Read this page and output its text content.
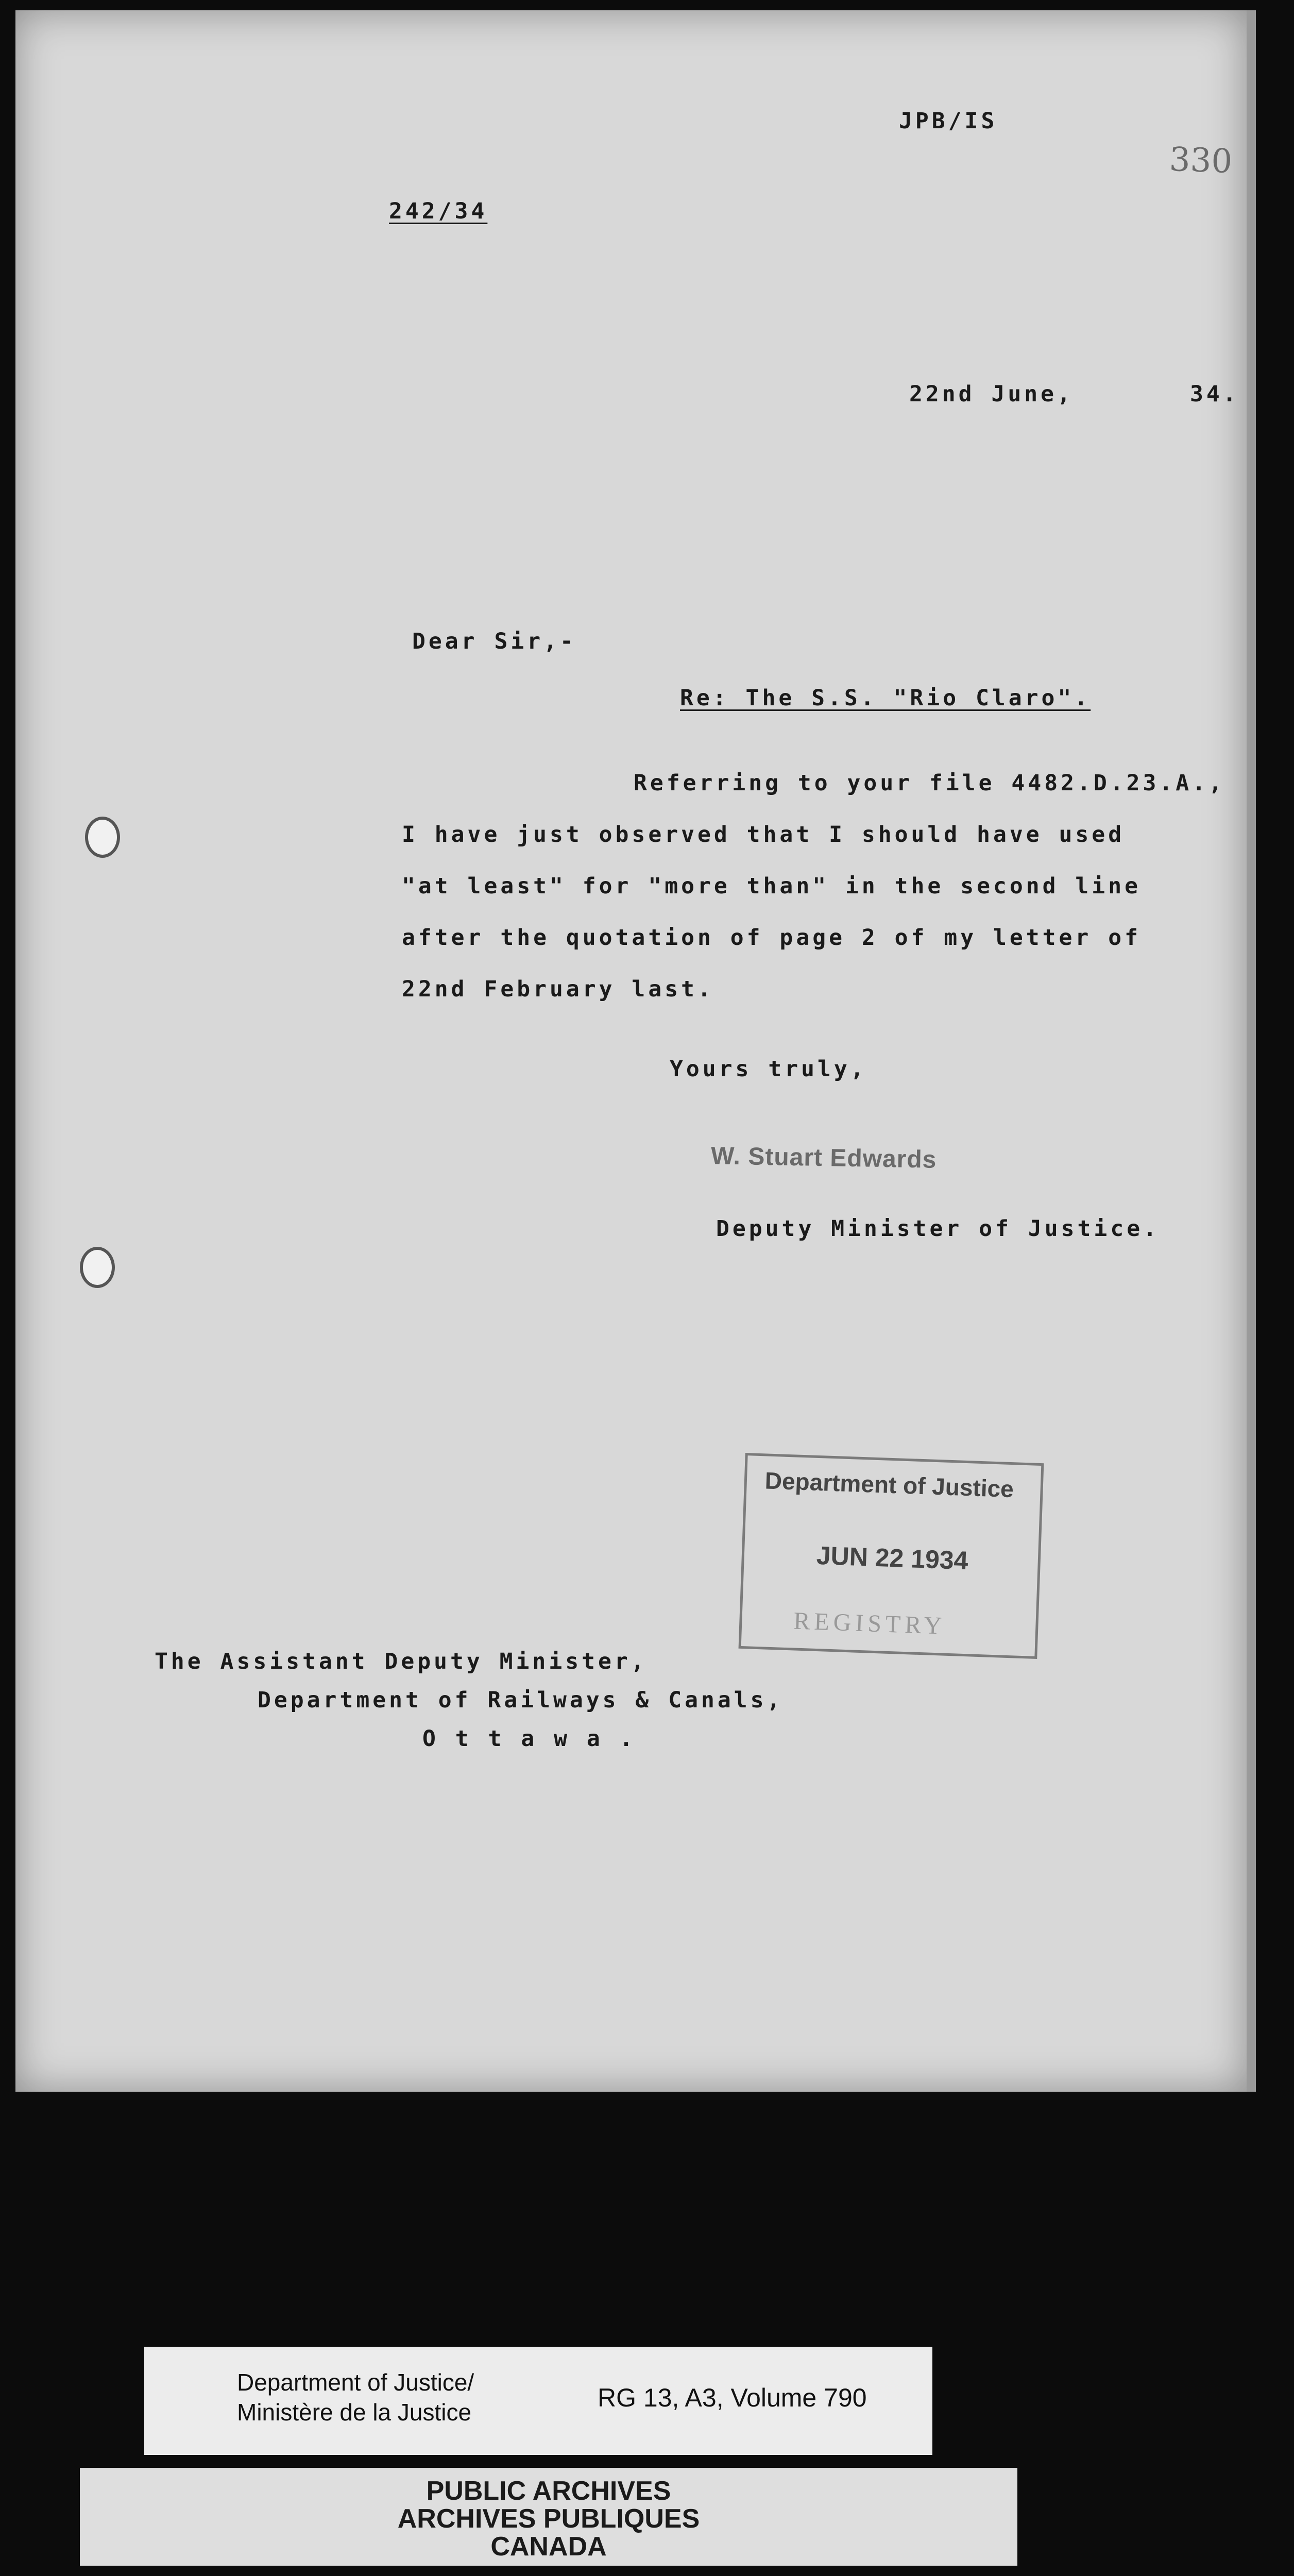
JPB/IS

330

242/34

22nd June,	34.

Dear Sir,-

Re: The S.S. "Rio Claro".

Referring to your file 4482.D.23.A.,

I have just observed that I should have used

"at least" for "more than" in the second line

after the quotation of page 2 of my letter of

22nd February last.

Yours truly,

W. Stuart Edwards

Deputy Minister of Justice.

The Assistant Deputy Minister,

Department of Railways & Canals,

O t t a w a .

Department of Justice
JUN 22 1934
REGISTRY
Department of Justice/
Ministère de la Justice	RG 13, A3, Volume 790
PUBLIC ARCHIVES
ARCHIVES PUBLIQUES
CANADA
